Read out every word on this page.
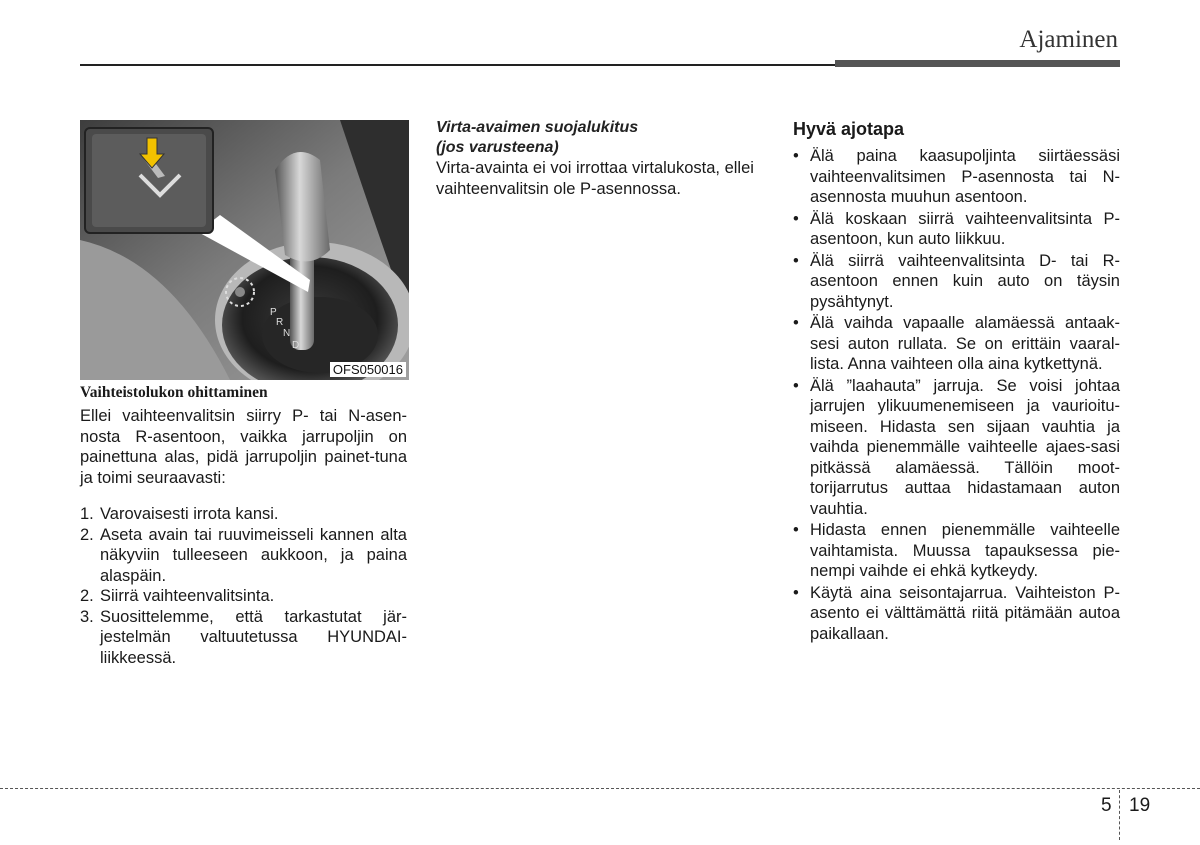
Ajaminen
P
R
N
D
OFS050016

Vaihteistolukon ohittaminen

Ellei vaihteenvalitsin siirry P- tai N-asen-nosta R-asentoon, vaikka jarrupoljin on painettuna alas, pidä jarrupoljin painet-tuna ja toimi seuraavasti:

1. Varovaisesti irrota kansi.
2. Aseta avain tai ruuvimeisseli kannen alta näkyviin tulleeseen aukkoon, ja paina alaspäin.
2. Siirrä vaihteenvalitsinta.
3. Suosittelemme, että tarkastutat jär-jestelmän valtuutetussa HYUNDAI-liikkeessä.

Virta-avaimen suojalukitus

(jos varusteena)

Virta-avainta ei voi irrottaa virtalukosta, ellei vaihteenvalitsin ole P-asennossa.

Hyvä ajotapa

• Älä paina kaasupoljinta siirtäessäsi vaihteenvalitsimen P-asennosta tai N-asennosta muuhun asentoon.
• Älä koskaan siirrä vaihteenvalitsinta P-asentoon, kun auto liikkuu.
• Älä siirrä vaihteenvalitsinta D- tai R-asentoon ennen kuin auto on täysin pysähtynyt.
• Älä vaihda vapaalle alamäessä antaak-sesi auton rullata. Se on erittäin vaaral-lista. Anna vaihteen olla aina kytkettynä.
• Älä ”laahauta” jarruja. Se voisi johtaa jarrujen ylikuumenemiseen ja vaurioitu-miseen. Hidasta sen sijaan vauhtia ja vaihda pienemmälle vaihteelle ajaes-sasi pitkässä alamäessä. Tällöin moot-torijarrutus auttaa hidastamaan auton vauhtia.
• Hidasta ennen pienemmälle vaihteelle vaihtamista. Muussa tapauksessa pie-nempi vaihde ei ehkä kytkeydy.
• Käytä aina seisontajarrua. Vaihteiston P-asento ei välttämättä riitä pitämään autoa paikallaan.
5 19
